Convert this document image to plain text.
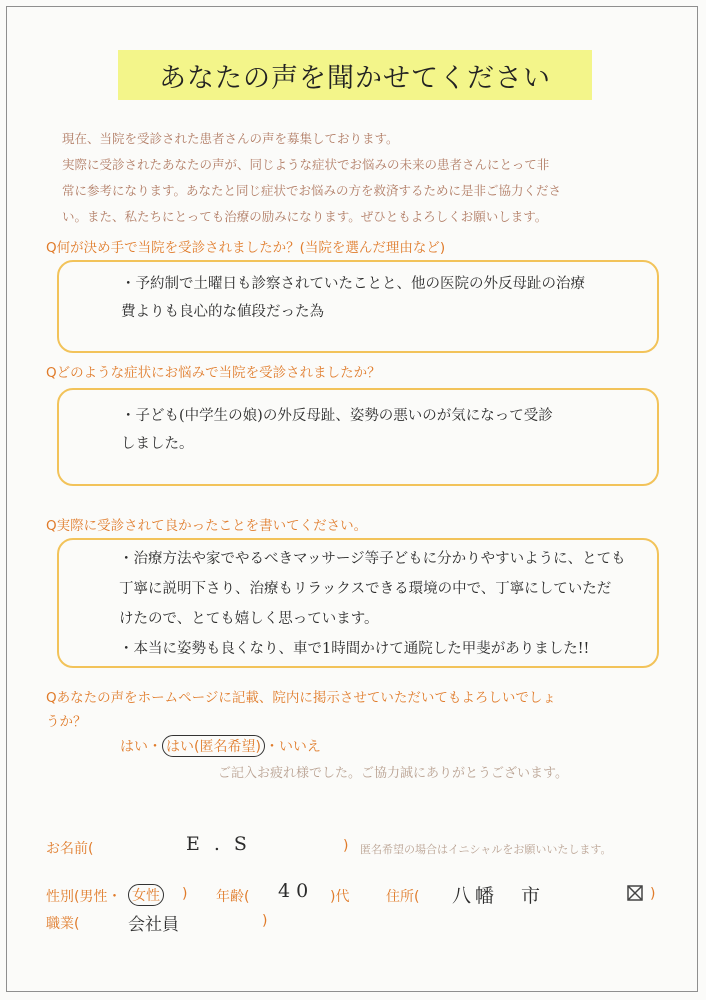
あなたの声を聞かせてください
現在、当院を受診された患者さんの声を募集しております。
実際に受診されたあなたの声が、同じような症状でお悩みの未来の患者さんにとって非
常に参考になります。あなたと同じ症状でお悩みの方を救済するために是非ご協力くださ
い。また、私たちにとっても治療の励みになります。ぜひともよろしくお願いします。
Q何が決め手で当院を受診されましたか？(当院を選んだ理由など)
・予約制で土曜日も診察されていたことと、他の医院の外反母趾の治療
費よりも良心的な値段だった為
Qどのような症状にお悩みで当院を受診されましたか？
・子ども(中学生の娘)の外反母趾、姿勢の悪いのが気になって受診
しました。
Q実際に受診されて良かったことを書いてください。
・治療方法や家でやるべきマッサージ等子どもに分かりやすいように、とても
丁寧に説明下さり、治療もリラックスできる環境の中で、丁寧にしていただ
けたので、とても嬉しく思っています。
・本当に姿勢も良くなり、車で1時間かけて通院した甲斐がありました!!
Qあなたの声をホームページに記載、院内に掲示させていただいてもよろしいでしょ
うか？
はい・ はい(匿名希望) ・いいえ
ご記入お疲れ様でした。ご協力誠にありがとうございます。
お名前(	E.S	) 匿名希望の場合はイニシャルをお願いいたします。
性別(男性・ 女性 ) 年齢( 40 )代	住所( 八幡　市	)
職業(	会社員	)
